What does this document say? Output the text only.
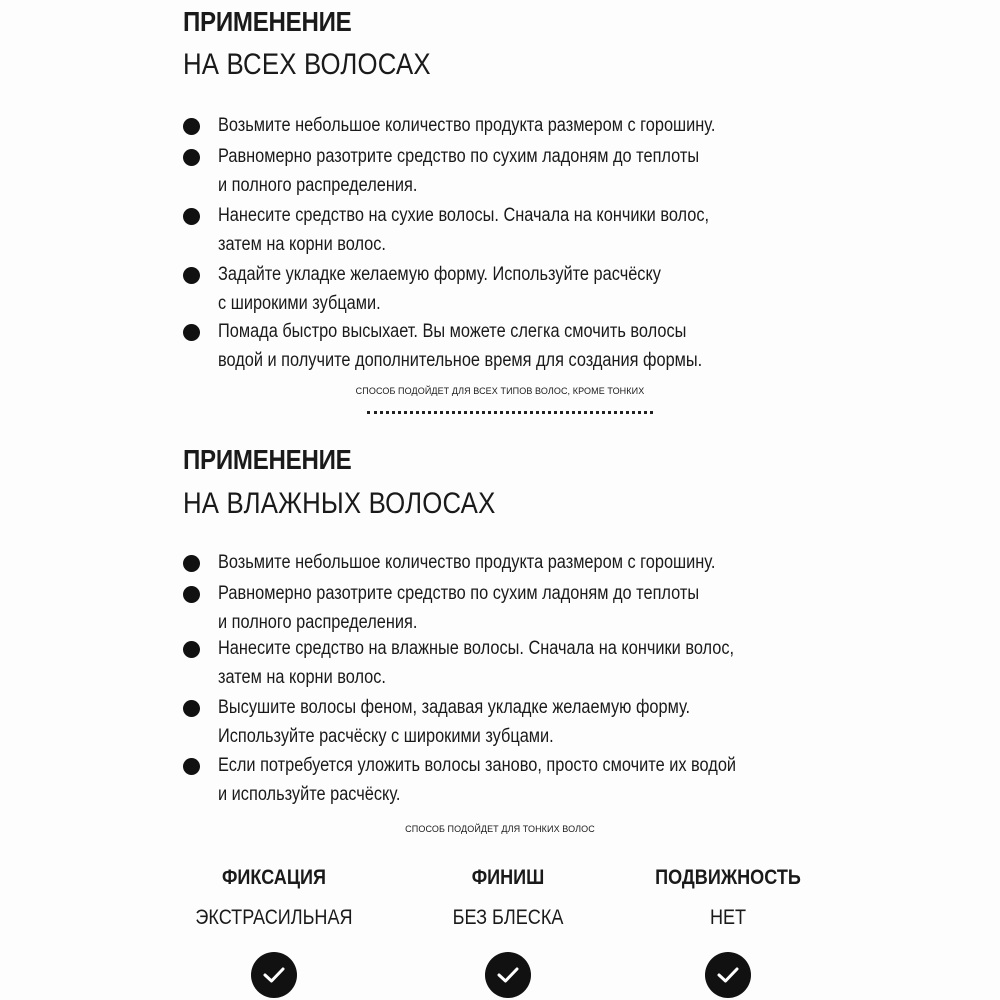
ПРИМЕНЕНИЕ
НА ВСЕХ ВОЛОСАХ
Возьмите небольшое количество продукта размером с горошину.
Равномерно разотрите средство по сухим ладоням до теплоты
и полного распределения.
Нанесите средство на сухие волосы. Сначала на кончики волос,
затем на корни волос.
Задайте укладке желаемую форму. Используйте расчёску
с широкими зубцами.
Помада быстро высыхает. Вы можете слегка смочить волосы
водой и получите дополнительное время для создания формы.
СПОСОБ ПОДОЙДЕТ ДЛЯ ВСЕХ ТИПОВ ВОЛОС, КРОМЕ ТОНКИХ
ПРИМЕНЕНИЕ
НА ВЛАЖНЫХ ВОЛОСАХ
Возьмите небольшое количество продукта размером с горошину.
Равномерно разотрите средство по сухим ладоням до теплоты
и полного распределения.
Нанесите средство на влажные волосы. Сначала на кончики волос,
затем на корни волос.
Высушите волосы феном, задавая укладке желаемую форму.
Используйте расчёску с широкими зубцами.
Если потребуется уложить волосы заново, просто смочите их водой
и используйте расчёску.
СПОСОБ ПОДОЙДЕТ ДЛЯ ТОНКИХ ВОЛОС
ФИКСАЦИЯ
ЭКСТРАСИЛЬНАЯ
ФИНИШ
БЕЗ БЛЕСКА
ПОДВИЖНОСТЬ
НЕТ
